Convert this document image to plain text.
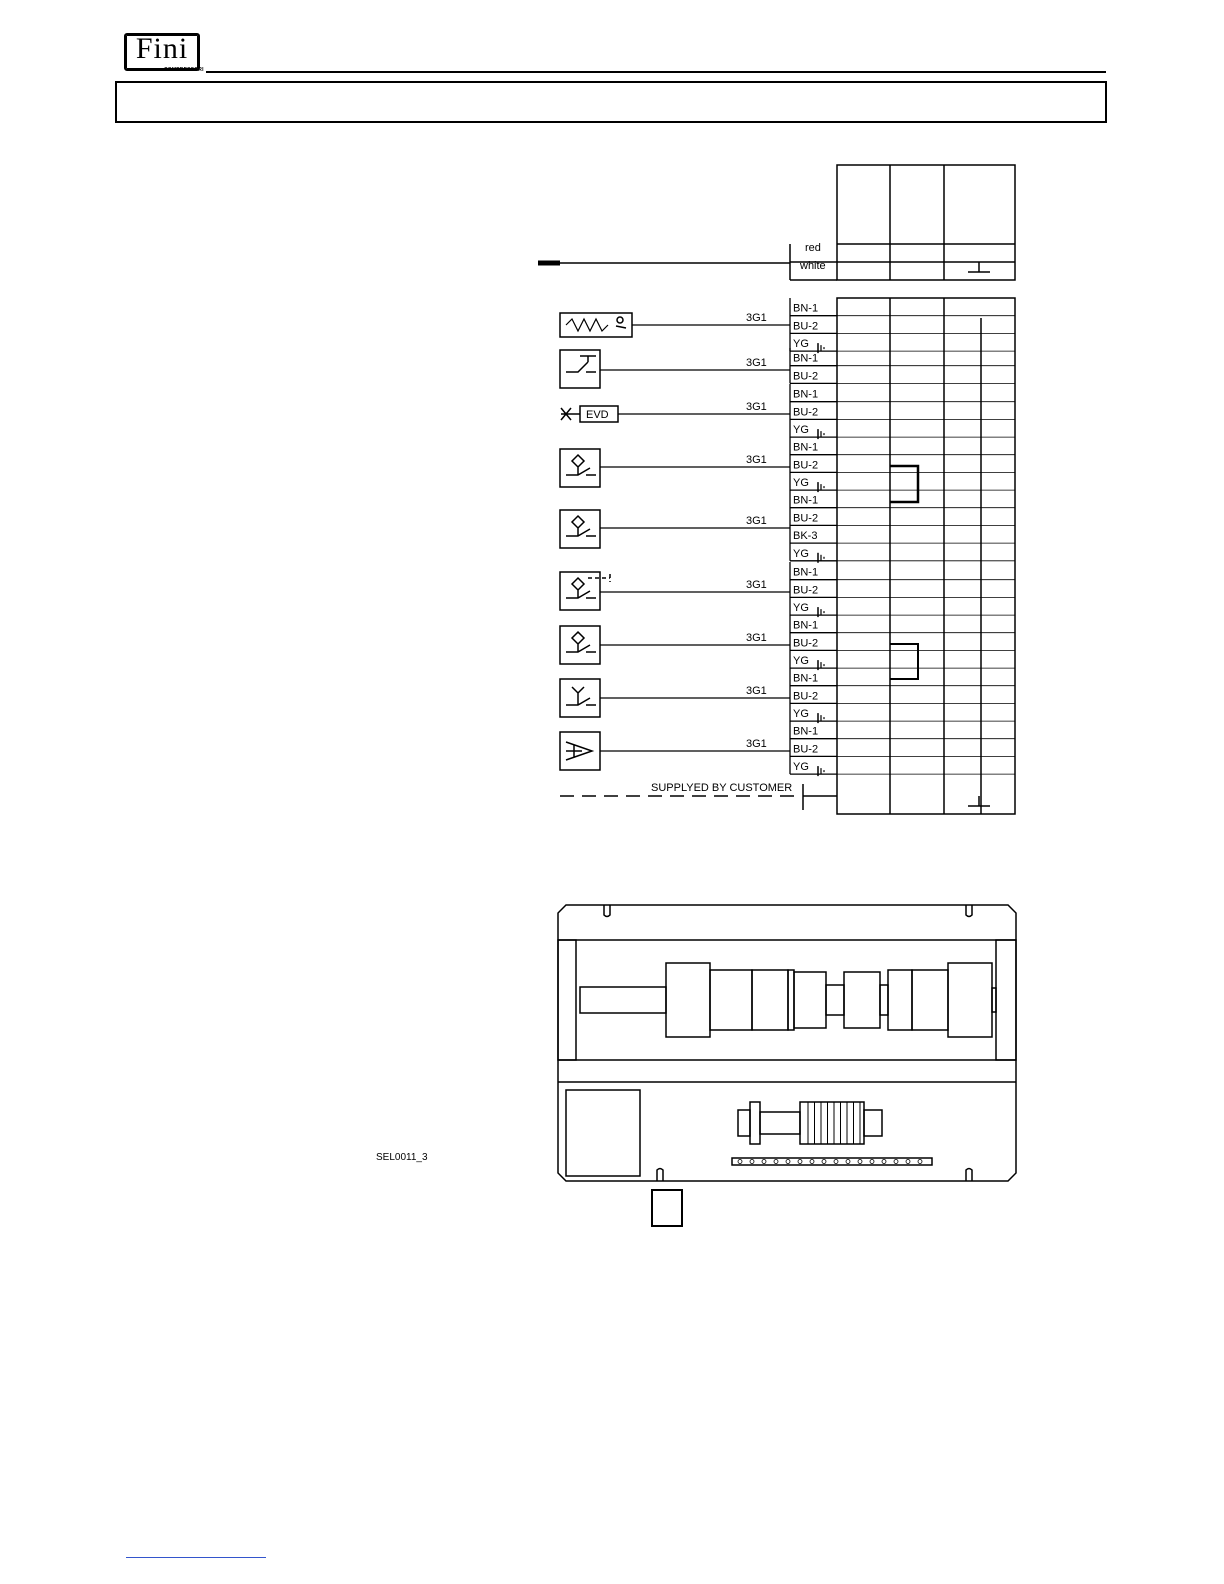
Fini
COMPRESSORI
3G1
BN-1
BU-2
YG
3G1 BN-1
BU-2
3G1
BN-1
BU-2
YG
3G1
BN-1
BU-2
YG
3G1
BN-1
BU-2
BK-3
YG
3G1
BN-1
BU-2
YG
3G1
BN-1
BU-2
YG
3G1
BN-1
BU-2
YG
3G1
BN-1
BU-2
YG
red
white
EVD
SUPPLYED BY CUSTOMER
SEL0011_3
